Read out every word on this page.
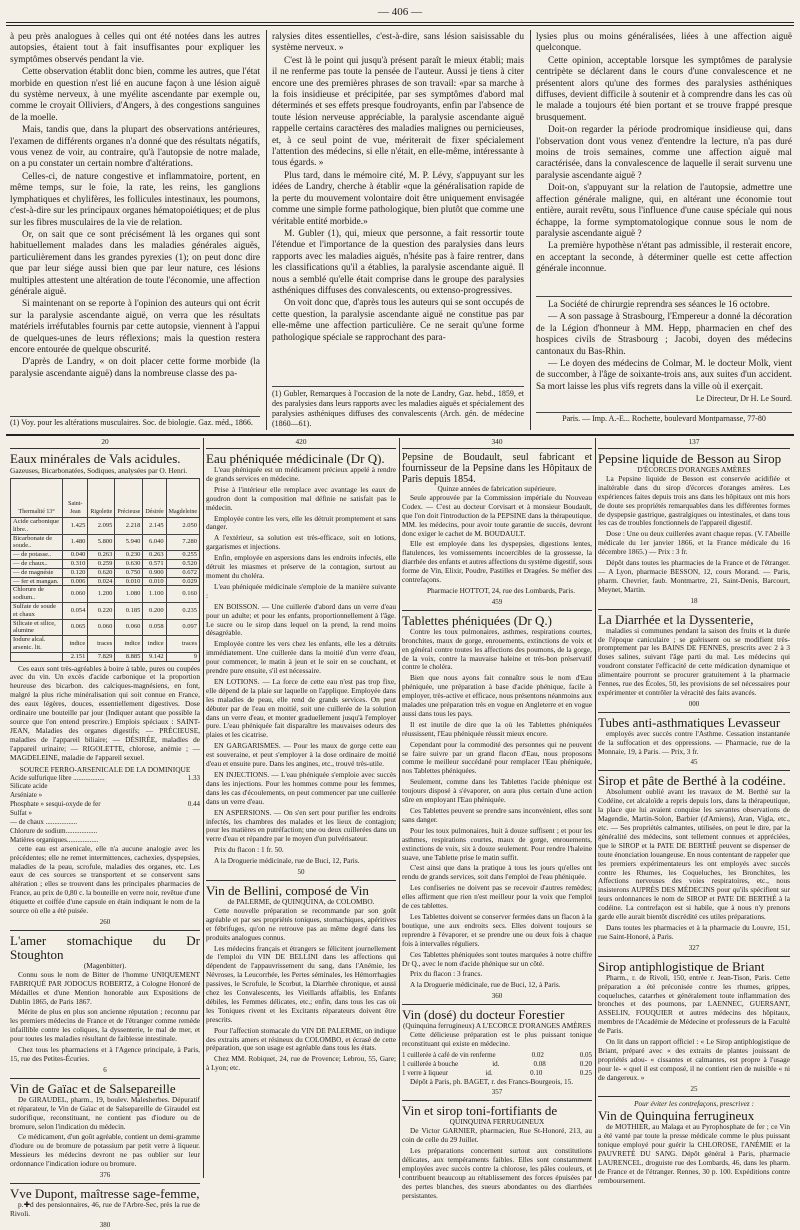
— 406 —

à peu près analogues à celles qui ont été notées dans les autres autopsies, étaient tout à fait insuffisantes pour expliquer les symptômes observés pendant la vie.

Cette observation établit donc bien, comme les autres, que l'état morbide en question n'est lié en aucune façon à une lésion aiguë du système nerveux, à une myélite ascendante par exemple ou, comme le croyait Olliviers, d'Angers, à des congestions sanguines de la moelle.

Mais, tandis que, dans la plupart des observations antérieures, l'examen de différents organes n'a donné que des résultats négatifs, vous venez de voir, au contraire, qu'à l'autopsie de notre malade, on a pu constater un certain nombre d'altérations.

Celles-ci, de nature congestive et inflammatoire, portent, en même temps, sur le foie, la rate, les reins, les ganglions lymphatiques et chylifères, les follicules intestinaux, les poumons, c'est-à-dire sur les principaux organes hématopoiétiques; et de plus sur les fibres musculaires de la vie de relation.

Or, on sait que ce sont précisément là les organes qui sont habituellement malades dans les maladies générales aiguës, particulièrement dans les grandes pyrexies (1); on peut donc dire que par leur siége aussi bien que par leur nature, ces lésions multiples attestent une altération de toute l'économie, une affection générale aiguë.

Si maintenant on se reporte à l'opinion des auteurs qui ont écrit sur la paralysie ascendante aiguë, on verra que les résultats matériels irréfutables fournis par cette autopsie, viennent à l'appui de quelques-unes de leurs réflexions; mais la question restera encore entourée de quelque obscurité.

D'après de Landry, « on doit placer cette forme morbide (la paralysie ascendante aiguë) dans la nombreuse classe des pa-

(1) Voy. pour les altérations musculaires. Soc. de biologie. Gaz. méd., 1866.

ralysies dites essentielles, c'est-à-dire, sans lésion saisissable du système nerveux. »

C'est là le point qui jusqu'à présent paraît le mieux établi; mais il ne renferme pas toute la pensée de l'auteur. Aussi je tiens à citer encore une des premières phrases de son travail: «par sa marche à la fois insidieuse et précipitée, par ses symptômes d'abord mal déterminés et ses effets presque foudroyants, enfin par l'absence de toute lésion nerveuse appréciable, la paralysie ascendante aiguë rappelle certains caractères des maladies malignes ou pernicieuses, et, à ce seul point de vue, mériterait de fixer spécialement l'attention des médecins, si elle n'était, en elle-même, intéressante à tous égards. »

Plus tard, dans le mémoire cité, M. P. Lévy, s'appuyant sur les idées de Landry, cherche à établir «que la généralisation rapide de la perte du mouvement volontaire doit être uniquement envisagée comme une simple forme pathologique, bien plutôt que comme une véritable entité morbide.»

M. Gubler (1), qui, mieux que personne, a fait ressortir toute l'étendue et l'importance de la question des paralysies dans leurs rapports avec les maladies aiguës, n'hésite pas à faire rentrer, dans les classifications qu'il a établies, la paralysie ascendante aiguë. Il nous a semblé qu'elle était comprise dans le groupe des paralysies asthéniques diffuses des convalescents, ou extenso-progressives.

On voit donc que, d'après tous les auteurs qui se sont occupés de cette question, la paralysie ascendante aiguë ne constitue pas par elle-même une affection particulière. Ce ne serait qu'une forme pathologique spéciale se rapprochant des para-

(1) Gubler, Remarques à l'occasion de la note de Landry, Gaz. hebd., 1859, et des paralysies dans leurs rapports avec les maladies aiguës et spécialement des paralysies asthéniques diffuses des convalescents (Arch. gén. de médecine (1860—61).

lysies plus ou moins généralisées, liées à une affection aiguë quelconque.

Cette opinion, acceptable lorsque les symptômes de paralysie centripète se déclarent dans le cours d'une convalescence et ne présentent alors qu'une des formes des paralysies asthéniques diffuses, devient difficile à soutenir et à comprendre dans les cas où le malade a toujours été bien portant et se trouve frappé presque brusquement.

Doit-on regarder la période prodromique insidieuse qui, dans l'observation dont vous venez d'entendre la lecture, n'a pas duré moins de trois semaines, comme une affection aiguë mal caractérisée, dans la convalescence de laquelle il serait survenu une paralysie ascendante aiguë ?

Doit-on, s'appuyant sur la relation de l'autopsie, admettre une affection générale maligne, qui, en altérant une économie tout entière, aurait revêtu, sous l'influence d'une cause spéciale qui nous échappe, la forme symptomatologique connue sous le nom de paralysie ascendante aiguë ?

La première hypothèse n'étant pas admissible, il resterait encore, en acceptant la seconde, à déterminer quelle est cette affection générale inconnue.

La Société de chirurgie reprendra ses séances le 16 octobre.

— A son passage à Strasbourg, l'Empereur a donné la décoration de la Légion d'honneur à MM. Hepp, pharmacien en chef des hospices civils de Strasbourg ; Jacobi, doyen des médecins cantonaux du Bas-Rhin.

— Le doyen des médecins de Colmar, M. le docteur Molk, vient de succomber, à l'âge de soixante-trois ans, aux suites d'un accident. Sa mort laisse les plus vifs regrets dans la ville où il exerçait.

Le Directeur, Dr H. Le Sourd.
Paris. — Imp. A.-E... Rochette, boulevard Montparnasse, 77-80
20	420	340	137
Eaux minérales de Vals acidules.
Gazeuses, Bicarbonatées, Sodiques, analysées par O. Henri.
Thermalité 13°	Saint-Jean	Rigolette	Précieuse	Désirée	Magdeleine
Acide carbonique libre..	1.425	2.095	2.218	2.145	2.050
Bicarbonate de soude..	1.480	5.800	5.940	6.040	7.280
— de potasse..	0.040	0.263	0.230	0.263	0.255
— de chaux..	0.310	0.259	0.630	0.571	0.520
— de magnésie	0.120	0.620	0.750	0.900	0.672
— fer et mangan.	0.006	0.024	0.010	0.010	0.029
Chlorure de sodium..	0.060	1.200	1.080	1.100	0.160
Sulfate de soude et chaux	0.054	0.220	0.185	0.200	0.235
Silicate et silice, alumine	0.065	0.060	0.060	0.058	0.097
Iodure alcal. arsenic. lit.	indice	traces	indice	indice	traces
	2.151	7.829	8.885	9.142	9

Ces eaux sont très-agréables à boire à table, pures ou coupées avec du vin. Un excès d'acide carbonique et la proportion heureuse des bicarbon. des calciques-magnésiens, en font, malgré la plus riche minéralisation qui soit connue en France, des eaux légères, douces, essentiellement digestives. Dose ordinaire une bouteille par jour (Indiquer autant que possible la source que l'on entend prescrire.) Emplois spéciaux : SAINT-JEAN, Maladies des organes digestifs; — PRÉCIEUSE, maladies de l'appareil biliaire; — DÉSIRÉE, maladies de l'appareil urinaire; — RIGOLETTE, chlorose, anémie ; — MAGDELEINE, maladie de l'appareil sexuel.

SOURCE FERRO-ARSENICALE DE LA DOMINIQUE
Acide sulfurique libre ..................	1.33
Silicate acide
Arséniate »
Phosphate » sesqui-oxyde de fer	0.44
Sulfat »
— de chaux ..................
Chlorure de sodium..................
Matières organiques..................

cette eau est arsenicale, elle n'a aucune analogie avec les précédentes; elle ne remet intermittences, cachexies, dyspepsies, maladies de la peau, scrofule, maladies des organes, etc. Les eaux de ces sources se transportent et se conservent sans altération ; elles se trouvent dans les principales pharmacies de France, au prix de 0,80 c. la bouteille en verre noir, revêtue d'une étiquette et coiffée d'une capsule en étain indiquant le nom de la source où elle a été puisée.

260
L'amer stomachique du Dr Stoughton
(Magenbitter).

Connu sous le nom de Bitter de l'homme UNIQUEMENT FABRIQUÉ PAR JODOCUS ROBERTZ, à Cologne Honoré de Médailles et d'une Mention honorable aux Expositions de Dublin 1865, de Paris 1867.

Mérite de plus en plus son ancienne réputation ; reconnu par les premiers médecins de France et de l'étranger comme remède infaillible contre les coliques, la dyssenterie, le mal de mer, et pour toutes les maladies résultant de faiblesse intestinale.

Chez tous les pharmaciens et à l'Agence principale, à Paris, 15, rue des Petites-Écuries.

6
Vin de Gaïac et de Salsepareille

De GIRAUDEL, pharm., 19, boulev. Malesherbes. Dépuratif et réparateur, le Vin de Gaïac et de Salsepareille de Giraudel est sudorifique, reconstituant, ne contient pas d'iodure ou de bromure, selon l'indication du médecin.

Ce médicament, d'un goût agréable, contient un demi-gramme d'iodure ou de bromure de potassium par petit verre à liqueur. Messieurs les médecins devront ne pas oublier sur leur ordonnance l'indication iodure ou bromure.

376
Vve Dupont, maîtresse sage-femme,

p.✚d des pensionnaires, 46, rue de l'Arbre-Sec, près la rue de Rivoli.

380
Eau phéniquée médicinale (Dr Q).

L'eau phéniquée est un médicament précieux appelé à rendre de grands services en médecine.

Prise à l'intérieur elle remplace avec avantage les eaux de goudron dont la composition mal définie ne satisfait pas le médecin.

Employée contre les vers, elle les détruit promptement et sans danger.

A l'extérieur, sa solution est très-efficace, soit en lotions, gargarismes et injections.

Enfin, employée en aspersions dans les endroits infectés, elle détruit les miasmes et préserve de la contagion, surtout au moment du choléra.

L'eau phéniquée médicinale s'emploie de la manière suivante :

EN BOISSON. — Une cuillerée d'abord dans un verre d'eau pour un adulte; et pour les enfants, proportionnellement à l'âge. Le sucre ou le sirop dans lequel on la prend, la rend moins désagréable.

Employée contre les vers chez les enfants, elle les a détruits immédiatement. Une cuillerée dans la moitié d'un verre d'eau, pour commencer, le matin à jeun et le soir en se couchant, et prendre pure ensuite, s'il est nécessaire.

EN LOTIONS. — La force de cette eau n'est pas trop fixe, elle dépend de la plaie sur laquelle on l'applique. Employée dans les maladies de peau, elle rend de grands services. On peut débuter par de l'eau en moitié, soit une cuillerée de la solution dans un verre d'eau, et monter graduellement jusqu'à l'employer pure. L'eau phéniquée fait disparaître les mauvaises odeurs des plaies et les cicatrise.

EN GARGARISMES. — Pour les maux de gorge cette eau est souveraine, et peut s'employer à la dose ordinaire de moitié d'eau et ensuite pure. Dans les angines, etc., trouvé très-utile.

EN INJECTIONS. — L'eau phéniquée s'emploie avec succès dans les injections. Pour les hommes comme pour les femmes, dans les cas d'écoulements, on peut commencer par une cuillerée dans un verre d'eau.

EN ASPERSIONS. — On s'en sert pour purifier les endroits infectés, les chambres des malades et les lieux de contagion; pour les matières en putréfaction; une ou deux cuillerées dans un verre d'eau et répandre par le moyen d'un pulvérisateur.

Prix du flacon : 1 fr. 50.

A la Droguerie médicinale, rue de Buci, 12, Paris.

50
Vin de Bellini, composé de Vin
de PALERME, de QUINQUINA, de COLOMBO.

Cette nouvelle préparation se recommande par son goût agréable et par ses propriétés toniques, stomachiques, apéritives et fébrifuges, qu'on ne retrouve pas au même degré dans les produits analogues connus.

Les médecins français et étrangers se félicitent journellement de l'emploi du VIN DE BELLINI dans les affections qui dépendent de l'appauvrissement du sang, dans l'Anémie, les Névroses, la Leucorrhée, les Pertes séminales, les Hémorrhagies passives, le Scrofule, le Scorbut, la Diarrhée chronique, et aussi chez les Convalescents, les Vieillards affaiblis, les Enfants débiles, les Femmes délicates, etc.; enfin, dans tous les cas où les Toniques rivent et les Excitants réparateurs doivent être prescrits.

Pour l'affection stomacale du VIN DE PALERME, on indique des extraits amers et résineux du COLOMBO, et écrasé de cette préparation, que son usage est agréable dans tous les états.

Chez MM. Robiquet, 24, rue de Provence; Lebrou, 55, Gare; à Lyon; etc.

Pepsine de Boudault, seul fabricant et fournisseur de la Pepsine dans les Hôpitaux de Paris depuis 1854.
Quinze années de fabrication supérieure.

Seule approuvée par la Commission impériale du Nouveau Codex. — C'est au docteur Corvisart et à monsieur Boudault, que l'on doit l'introduction de la PEPSINE dans la thérapeutique. MM. les médecins, pour avoir toute garantie de succès, devront donc exiger le cachet de M. BOUDAULT.

Elle est employée dans les dyspepsies, digestions lentes, flatulences, les vomissements incoercibles de la grossesse, la diarrhée des enfants et autres affections du système digestif, sous forme de Vin, Elixir, Poudre, Pastilles et Dragées. Se méfier des contrefaçons.

Pharmacie HOTTOT, 24, rue des Lombards, Paris.

459
Tablettes phéniquées (Dr Q.)

Contre les toux pulmonaires, asthmes, respirations courtes, bronchites, maux de gorge, enrouements, extinctions de voix et en général contre toutes les affections des poumons, de la gorge, de la voix, contre la mauvaise haleine et très-bon préservatif contre le choléra.

Bien que nous ayons fait connaître sous le nom d'Eau phéniquée, une préparation à base d'acide phénique, facile à employer, très-active et efficace, nous présentons néanmoins aux malades une préparation très en vogue en Angleterre et en vogue aussi dans tous les pays.

Il est inutile de dire que la où les Tablettes phéniquées réussissent, l'Eau phéniquée réussit mieux encore.

Cependant pour la commodité des personnes qui ne peuvent se faire suivre par un grand flacon d'Eau, nous proposons comme le meilleur succédané pour remplacer l'Eau phéniquée, nos Tablettes phéniquées.

Seulement, comme dans les Tablettes l'acide phénique est toujours disposé à s'évaporer, on aura plus certain d'une action sûre en employant l'Eau phéniquée.

Ces Tablettes peuvent se prendre sans inconvénient, elles sont sans danger.

Pour les toux pulmonaires, huit à douze suffisent ; et pour les asthmes, respirations courtes, maux de gorge, enrouements, extinctions de voix, six à douze seulement. Pour rendre l'haleine suave, une Tablette prise le matin suffit.

C'est ainsi que dans la pratique à tous les jours qu'elles ont rendu de grands services, soit dans l'emploi de l'eau phéniquée.

Les confiseries ne doivent pas se recevoir d'autres remèdes; elles affirment que rien n'est meilleur pour la voix que l'emploi de ces tablettes.

Les Tablettes doivent se conserver fermées dans un flacon à la boutique, une aux endroits secs. Elles doivent toujours se reprendre à l'évaporer, et se prendre une ou deux fois à chaque fois à intervalles réguliers.

Ces Tablettes phéniquées sont toutes marquées à notre chiffre Dr Q., avec le nom d'acide phénique sur un côté.

Prix du flacon : 3 francs.

A la Droguerie médicinale, rue de Buci, 12, à Paris.

360
Vin (dosé) du docteur Forestier
(Quinquina ferrugineux) A L'ECORCE D'ORANGES AMÈRES

Cette délicieuse préparation est le plus puissant tonique reconstituant qui existe en médecine.

1 cuillerée à café de vin renferme	0.02	0.05
1 cuillerée à bouche	id.	0.08	0.20
1 verre à liqueur	id.	0.10	0.25

Dépôt à Paris, ph. BAGET, r. des Francs-Bourgeois, 15.

357
Vin et sirop toni-fortifiants de
QUINQUINA FERRUGINEUX

De Victor GARNIER, pharmacien, Rue St-Honoré, 213, au coin de celle du 29 Juillet.

Les préparations concernent surtout aux constitutions délicates, aux tempéraments faibles. Elles sont constamment employées avec succès contre la chlorose, les pâles couleurs, et contribuent beaucoup au rétablissement des forces épuisées par des pertes blanches, des sueurs abondantes ou des diarrhées persistantes.

Pepsine liquide de Besson au Sirop
D'ÉCORCES D'ORANGES AMÈRES

La Pepsine liquide de Besson est conservée acidifiée et inaltérable dans du sirop d'écorces d'oranges amères. Les expériences faites depuis trois ans dans les hôpitaux ont mis hors de doute ses propriétés remarquables dans les différentes formes de dyspepsie gastrique, gastralgiques ou intestinales, et dans tous les cas de troubles fonctionnels de l'appareil digestif.

Dose : Une ou deux cuillerées avant chaque repas. (V. l'Abeille médicale du 1er janvier 1866, et la France médicale du 16 décembre 1865.) — Prix : 3 fr.

Dépôt dans toutes les pharmacies de la France et de l'étranger. — A Lyon, pharmacie BESSON, 12, cours Morand. — Paris, pharm. Chevrier, faub. Montmartre, 21, Saint-Denis, Barcourt, Meynet, Martin.

18
La Diarrhée et la Dyssenterie,

maladies si communes pendant la saison des fruits et la durée de l'époque caniculaire ; se guérissent ou se modifient très-promptement par les BAINS DE FENNES, prescrits avec 2 à 3 doses salines, suivant l'âge parti du mal. Les médecins qui voudront constater l'efficacité de cette médication dynamique et alimentaire pourront se procurer gratuitement à la pharmacie Fennes, rue des Écoles, 50, les provisions de sel nécessaires pour expérimenter et contrôler la véracité des faits avancés.

000
Tubes anti-asthmatiques Levasseur

employés avec succès contre l'Asthme. Cessation instantanée de la suffocation et des oppressions. — Pharmacie, rue de la Monnaie, 19, à Paris. — Prix, 3 fr.

45
Sirop et pâte de Berthé à la codéine.

Absolument oublié avant les travaux de M. Berthé sur la Codéine, cet alcaloïde a repris depuis lors, dans la thérapeutique, la place que lui avaient conquise les savantes observations de Magendie, Martin-Solon, Barbier (d'Amiens), Aran, Vigla, etc., etc. — Ses propriétés calmantes, utilisées, on peut le dire, par la généralité des médecins, sont tellement connues et appréciées, que le SIROP et la PATE DE BERTHÉ peuvent se dispenser de toute énonciation louangeuse. En nous contentant de rappeler que les premiers expérimentateurs les ont employés avec succès contre les Rhumes, les Coqueluches, les Bronchites, les Affections nerveuses des voies respiratoires, etc., nous insisterons AUPRÈS DES MÉDECINS pour qu'ils spécifient sur leurs ordonnances le nom de SIROP et PATE DE BERTHÉ à la codéine. La contrefaçon est si habile, que à nous n'y prenons garde elle aurait bientôt discrédité ces utiles préparations.

Dans toutes les pharmacies et à la pharmacie du Louvre, 151, rue Saint-Honoré, à Paris.

327
Sirop antiphlogistique de Briant

Pharm., r. de Rivoli, 150, entrée r. Jean-Tison, Paris. Cette préparation a été préconisée contre les rhumes, grippes, coqueluches, catarrhes et généralement toute inflammation des bronches et des poumons, par LAENNEC, GUERSANT, ASSELIN, FOUQUIER et autres médecins des hôpitaux, membres de l'Académie de Médecine et professeurs de la Faculté de Paris.

On lit dans un rapport officiel : « Le Sirop antiphlogistique de Briant, préparé avec « des extraits de plantes jouissant de propriétés adou- « cissantes et calmantes, est propre à l'usage pour le- « quel il est composé, il ne contient rien de nuisible « ni de dangereux. »

25
Pour éviter les contrefaçons, prescrivez :
Vin de Quinquina ferrugineux

de MOTHIER, au Malaga et au Pyrophosphate de fer ; ce Vin a été vanté par toute la presse médicale comme le plus puissant tonique employé pour guérir la CHLOROSE, l'ANÉMIE et la PAUVRETÉ DU SANG. Dépôt général à Paris, pharmacie LAURENCEL, droguiste rue des Lombards, 46, dans les pharm. de France et de l'étranger. Rennes, 30 p. 100. Expéditions contre remboursement.
